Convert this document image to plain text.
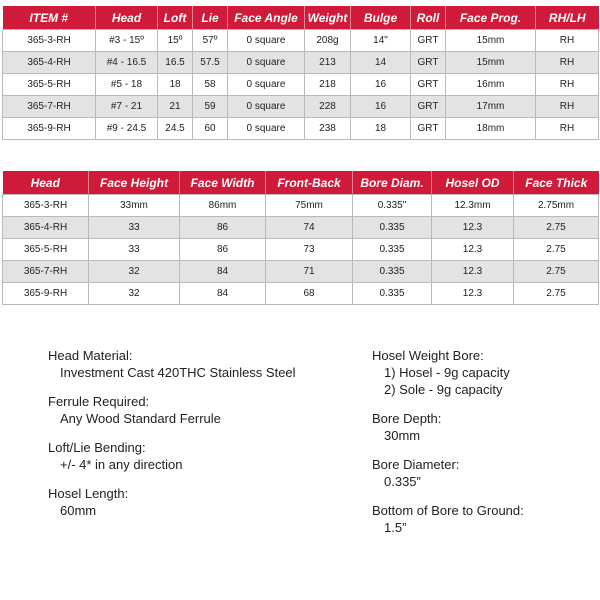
ITEM #	Head	Loft	Lie	Face Angle	Weight	Bulge	Roll	Face Prog.	RH/LH
365-3-RH	#3 - 15º	15º	57º	0 square	208g	14"	GRT	15mm	RH
365-4-RH	#4 - 16.5	16.5	57.5	0 square	213	14	GRT	15mm	RH
365-5-RH	#5 - 18	18	58	0 square	218	16	GRT	16mm	RH
365-7-RH	#7 - 21	21	59	0 square	228	16	GRT	17mm	RH
365-9-RH	#9 - 24.5	24.5	60	0 square	238	18	GRT	18mm	RH
Head	Face Height	Face Width	Front-Back	Bore Diam.	Hosel OD	Face Thick
365-3-RH	33mm	86mm	75mm	0.335"	12.3mm	2.75mm
365-4-RH	33	86	74	0.335	12.3	2.75
365-5-RH	33	86	73	0.335	12.3	2.75
365-7-RH	32	84	71	0.335	12.3	2.75
365-9-RH	32	84	68	0.335	12.3	2.75
Head Material:
Investment Cast 420THC Stainless Steel
Ferrule Required:
Any Wood Standard Ferrule
Loft/Lie Bending:
+/- 4* in any direction
Hosel Length:
60mm
Hosel Weight Bore:
1) Hosel - 9g capacity
2) Sole - 9g capacity
Bore Depth:
30mm
Bore Diameter:
0.335”
Bottom of Bore to Ground:
1.5”
